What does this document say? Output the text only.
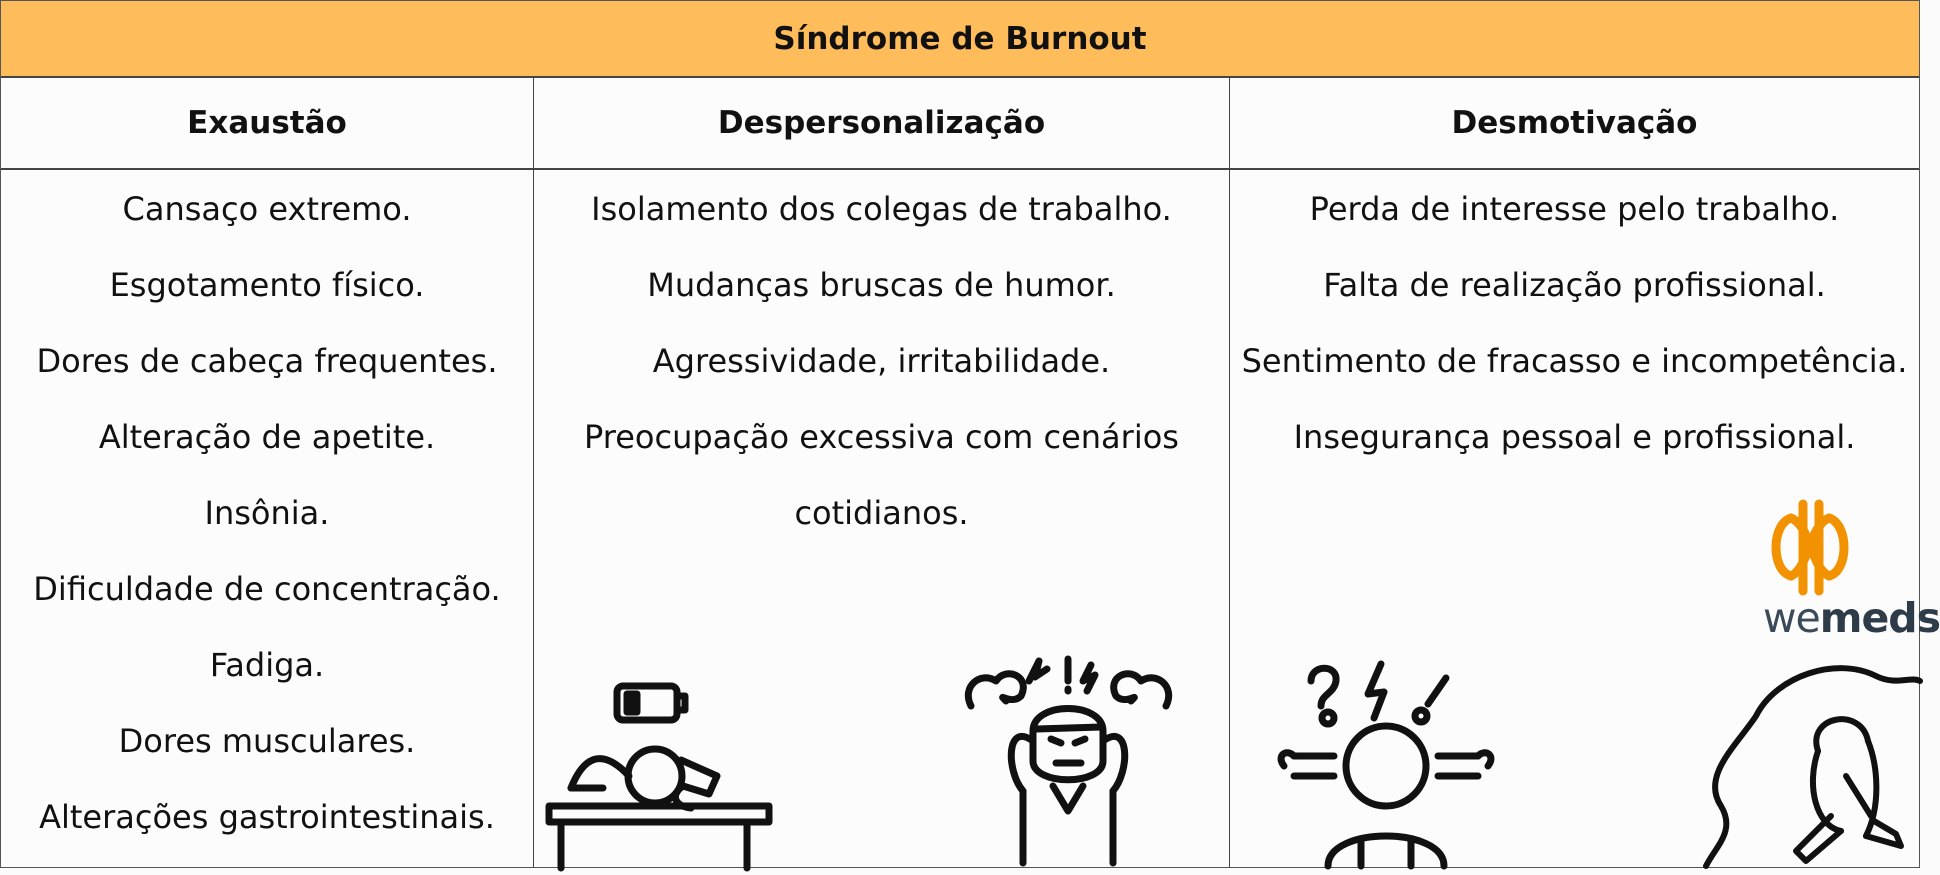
Síndrome de Burnout
Exaustão	Despersonalização	Desmotivação
Cansaço extremo.
Esgotamento físico.
Dores de cabeça frequentes.
Alteração de apetite.
Insônia.
Dificuldade de concentração.
Fadiga.
Dores musculares.
Alterações gastrointestinais.
Isolamento dos colegas de trabalho.
Mudanças bruscas de humor.
Agressividade, irritabilidade.
Preocupação excessiva com cenários
cotidianos.
Perda de interesse pelo trabalho.
Falta de realização profissional.
Sentimento de fracasso e incompetência.
Insegurança pessoal e profissional.
wemeds
